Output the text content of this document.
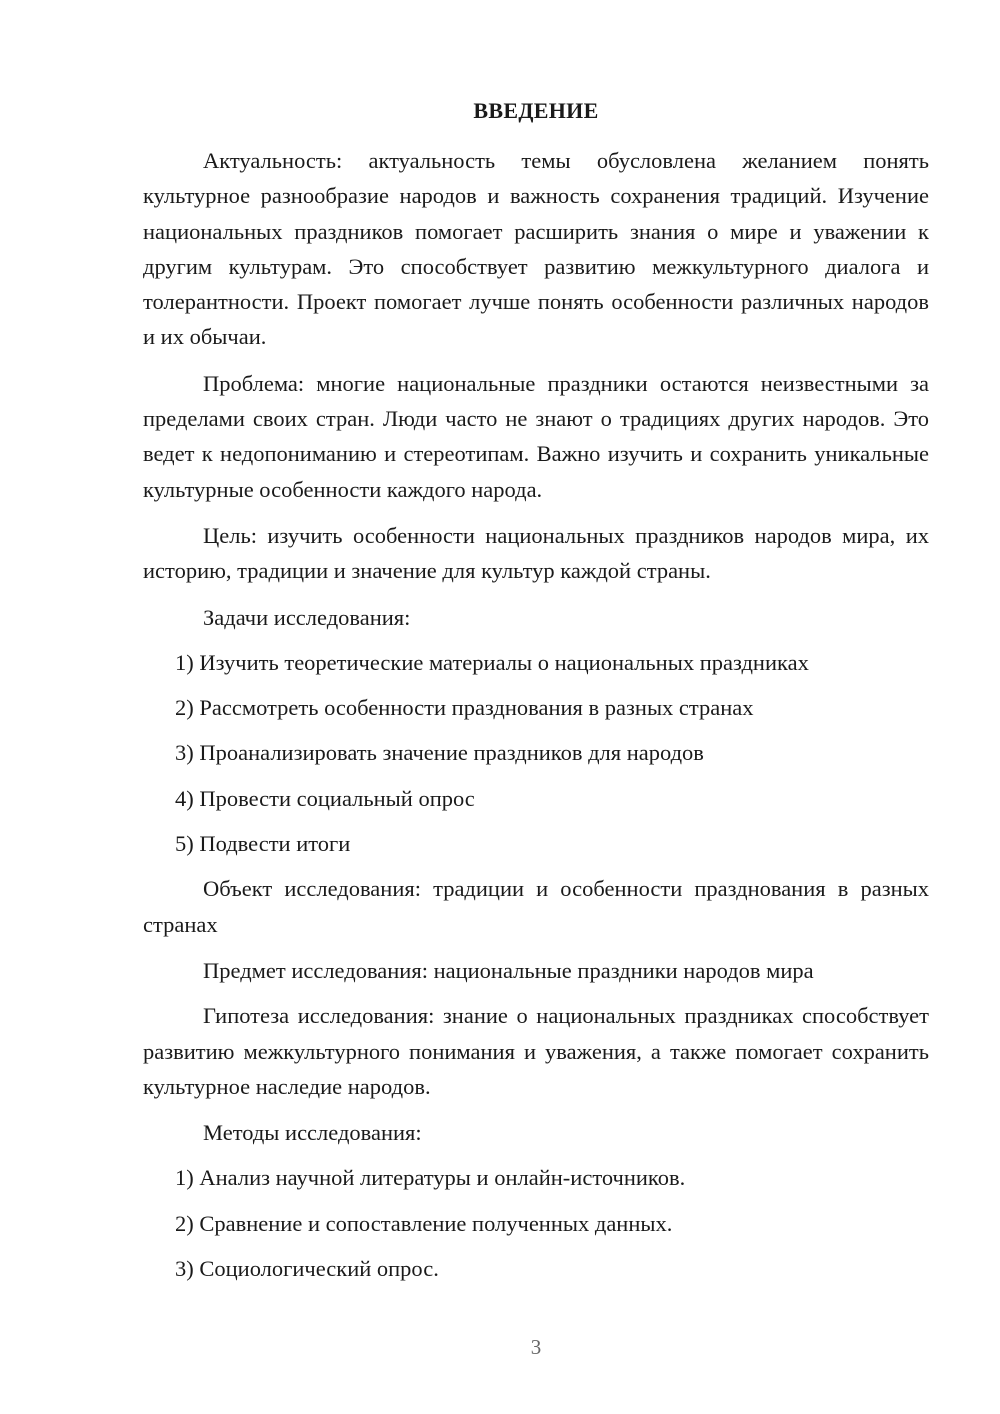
ВВЕДЕНИЕ

Актуальность: актуальность темы обусловлена желанием понять культурное разнообразие народов и важность сохранения традиций. Изучение национальных праздников помогает расширить знания о мире и уважении к другим культурам. Это способствует развитию межкультурного диалога и толерантности. Проект помогает лучше понять особенности различных народов и их обычаи.

Проблема: многие национальные праздники остаются неизвестными за пределами своих стран. Люди часто не знают о традициях других народов. Это ведет к недопониманию и стереотипам. Важно изучить и сохранить уникальные культурные особенности каждого народа.

Цель: изучить особенности национальных праздников народов мира, их историю, традиции и значение для культур каждой страны.

Задачи исследования:

1) Изучить теоретические материалы о национальных праздниках
2) Рассмотреть особенности празднования в разных странах
3) Проанализировать значение праздников для народов
4) Провести социальный опрос
5) Подвести итоги

Объект исследования: традиции и особенности празднования в разных странах

Предмет исследования: национальные праздники народов мира

Гипотеза исследования: знание о национальных праздниках способствует развитию межкультурного понимания и уважения, а также помогает сохранить культурное наследие народов.

Методы исследования:

1) Анализ научной литературы и онлайн-источников.
2) Сравнение и сопоставление полученных данных.
3) Социологический опрос.
3
